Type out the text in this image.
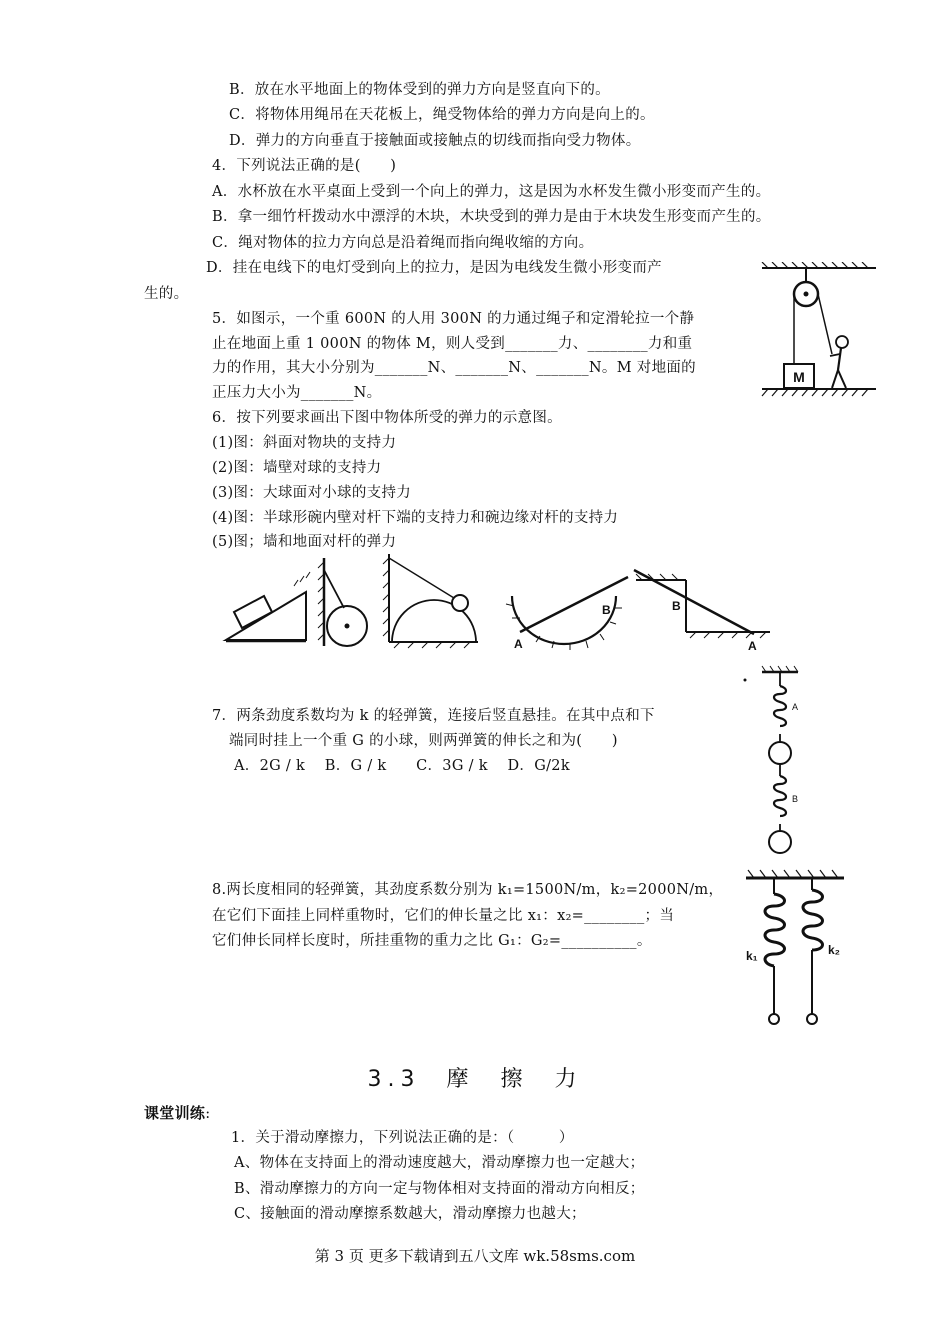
B．放在水平地面上的物体受到的弹力方向是竖直向下的。
C．将物体用绳吊在天花板上，绳受物体给的弹力方向是向上的。
D．弹力的方向垂直于接触面或接触点的切线而指向受力物体。
4．下列说法正确的是(　　)
A．水杯放在水平桌面上受到一个向上的弹力，这是因为水杯发生微小形变而产生的。
B．拿一细竹杆拨动水中漂浮的木块，木块受到的弹力是由于木块发生形变而产生的。
C．绳对物体的拉力方向总是沿着绳而指向绳收缩的方向。
D．挂在电线下的电灯受到向上的拉力，是因为电线发生微小形变而产
生的。
5．如图示，一个重 600N 的人用 300N 的力通过绳子和定滑轮拉一个静
止在地面上重 1 000N 的物体 M，则人受到_______力、________力和重
力的作用，其大小分别为_______N、_______N、_______N。M 对地面的
正压力大小为_______N。
6．按下列要求画出下图中物体所受的弹力的示意图。
(1)图：斜面对物块的支持力
(2)图：墙壁对球的支持力
(3)图：大球面对小球的支持力
(4)图：半球形碗内壁对杆下端的支持力和碗边缘对杆的支持力
(5)图；墙和地面对杆的弹力
7．两条劲度系数均为 k 的轻弹簧，连接后竖直悬挂。在其中点和下
端同时挂上一个重 G 的小球，则两弹簧的伸长之和为(　　)
A．2G / k　 B．G / k　　C．3G / k　 D．G/2k
8.两长度相同的轻弹簧，其劲度系数分别为 k₁=1500N/m，k₂=2000N/m，
在它们下面挂上同样重物时，它们的伸长量之比 x₁：x₂=________；当
它们伸长同样长度时，所挂重物的重力之比 G₁：G₂=__________。
3.3 摩 擦 力
课堂训练:
1．关于滑动摩擦力，下列说法正确的是：（　　　）
A、物体在支持面上的滑动速度越大，滑动摩擦力也一定越大；
B、滑动摩擦力的方向一定与物体相对支持面的滑动方向相反；
C、接触面的滑动摩擦系数越大，滑动摩擦力也越大；
第 3 页 更多下载请到五八文库 wk.58sms.com
M
A
B	B
A
A
B
k₁	k₂
